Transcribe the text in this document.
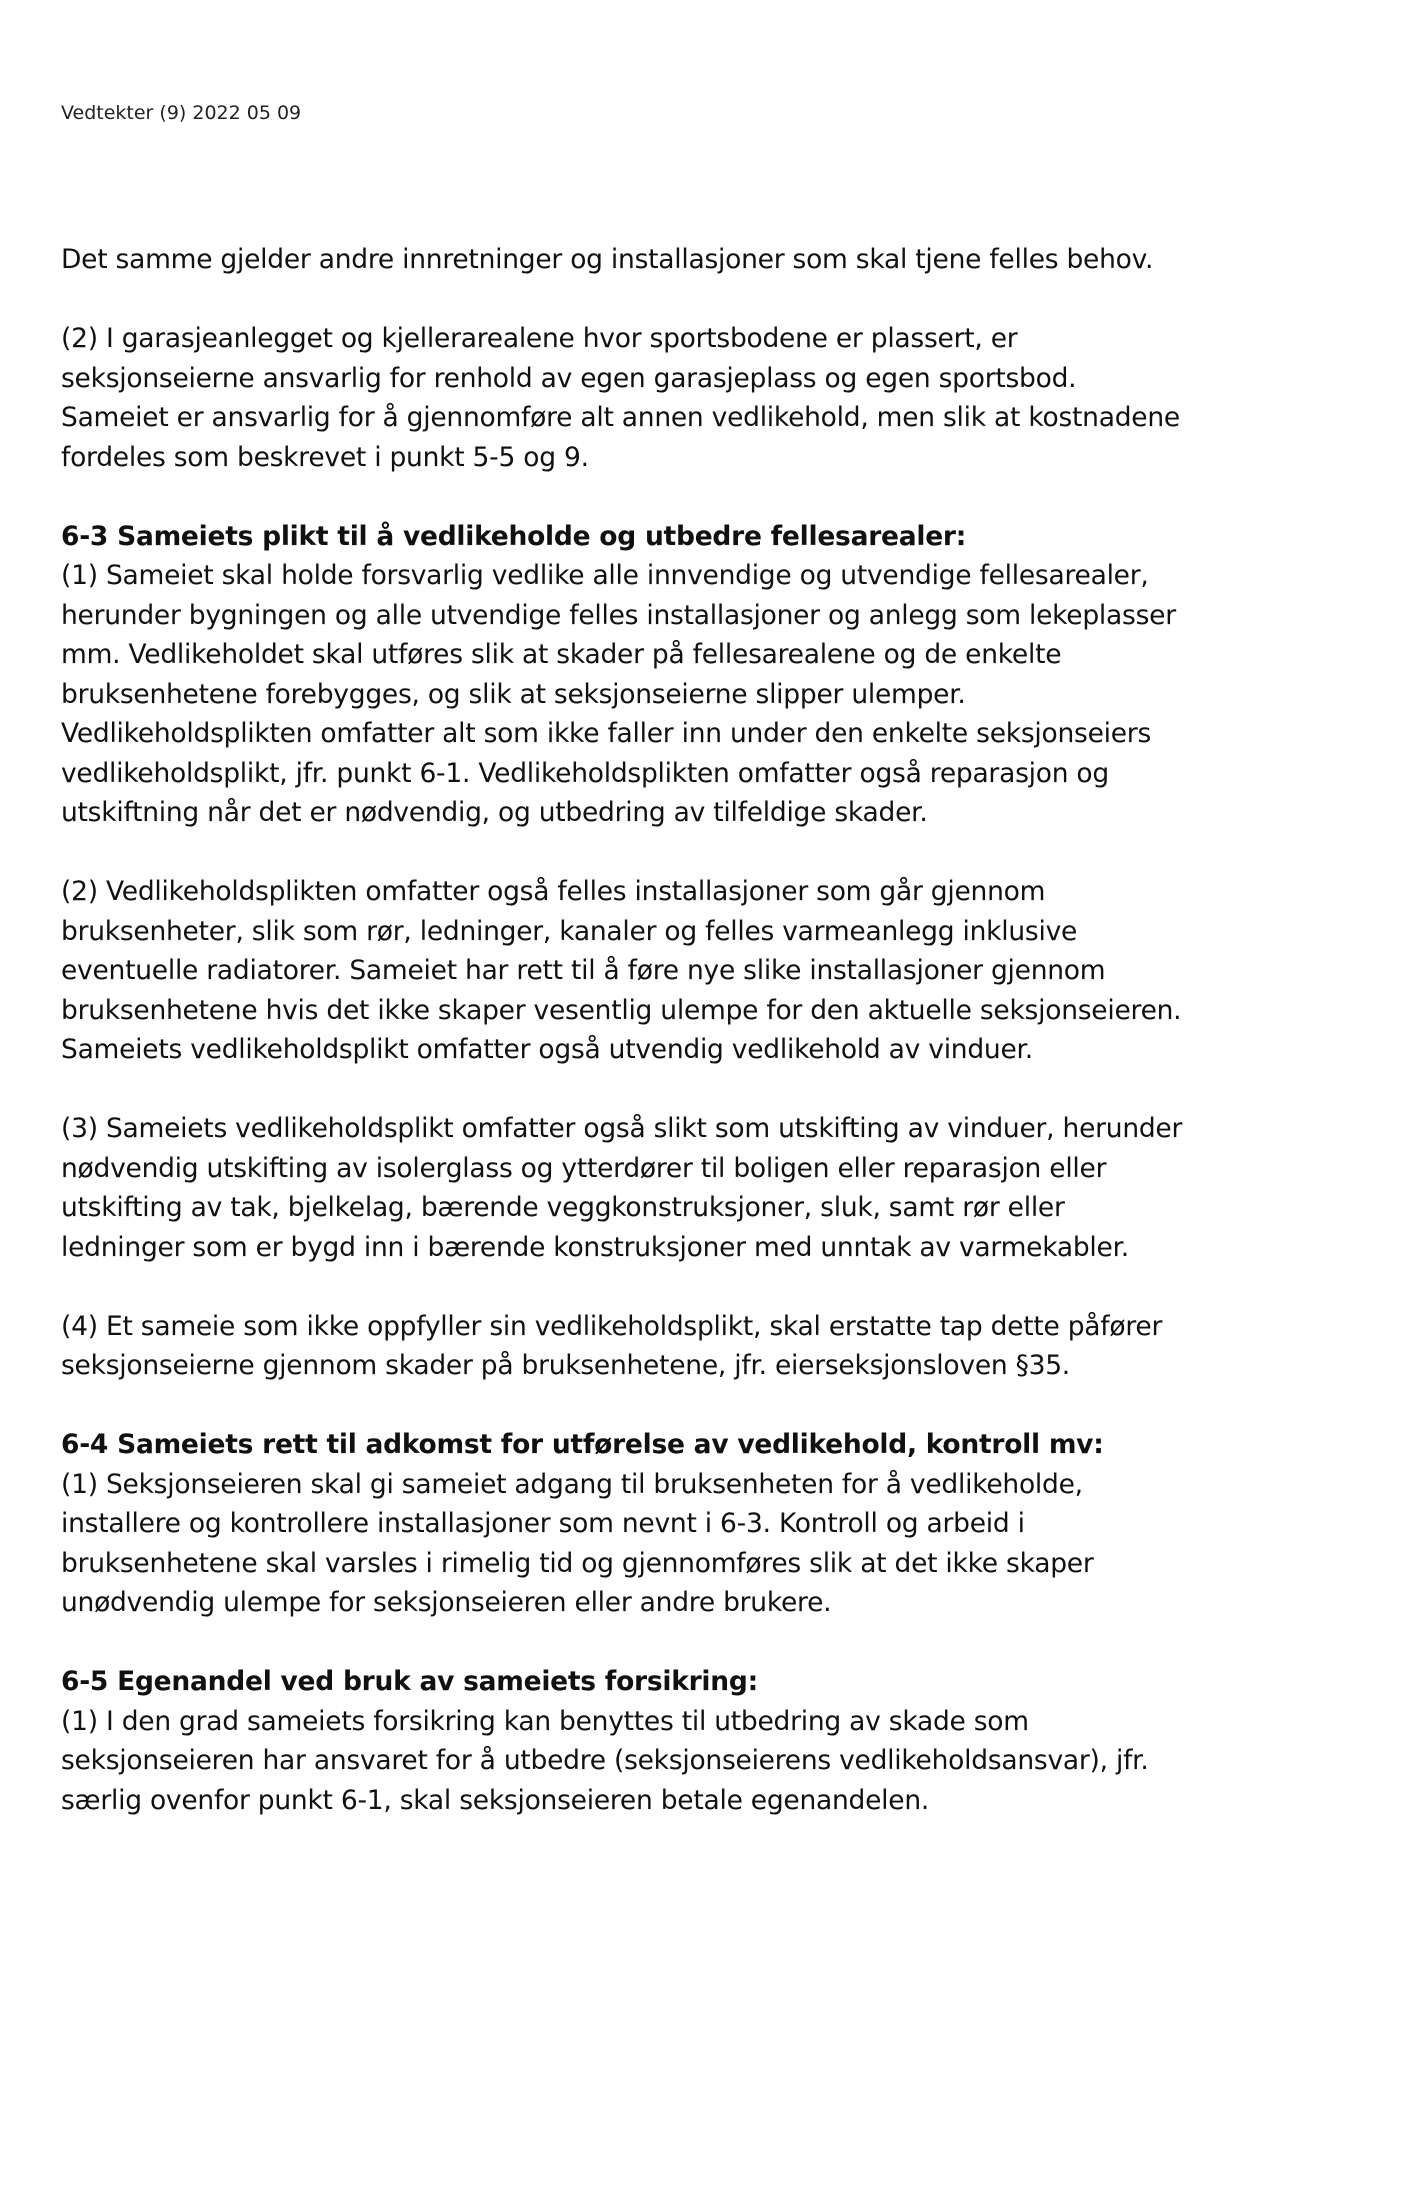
Vedtekter (9) 2022 05 09
Det samme gjelder andre innretninger og installasjoner som skal tjene felles behov.
(2) I garasjeanlegget og kjellerarealene hvor sportsbodene er plassert, er
seksjonseierne ansvarlig for renhold av egen garasjeplass og egen sportsbod.
Sameiet er ansvarlig for å gjennomføre alt annen vedlikehold, men slik at kostnadene
fordeles som beskrevet i punkt 5-5 og 9.
6-3 Sameiets plikt til å vedlikeholde og utbedre fellesarealer:
(1) Sameiet skal holde forsvarlig vedlike alle innvendige og utvendige fellesarealer,
herunder bygningen og alle utvendige felles installasjoner og anlegg som lekeplasser
mm. Vedlikeholdet skal utføres slik at skader på fellesarealene og de enkelte
bruksenhetene forebygges, og slik at seksjonseierne slipper ulemper.
Vedlikeholdsplikten omfatter alt som ikke faller inn under den enkelte seksjonseiers
vedlikeholdsplikt, jfr. punkt 6-1. Vedlikeholdsplikten omfatter også reparasjon og
utskiftning når det er nødvendig, og utbedring av tilfeldige skader.
(2) Vedlikeholdsplikten omfatter også felles installasjoner som går gjennom
bruksenheter, slik som rør, ledninger, kanaler og felles varmeanlegg inklusive
eventuelle radiatorer. Sameiet har rett til å føre nye slike installasjoner gjennom
bruksenhetene hvis det ikke skaper vesentlig ulempe for den aktuelle seksjonseieren.
Sameiets vedlikeholdsplikt omfatter også utvendig vedlikehold av vinduer.
(3) Sameiets vedlikeholdsplikt omfatter også slikt som utskifting av vinduer, herunder
nødvendig utskifting av isolerglass og ytterdører til boligen eller reparasjon eller
utskifting av tak, bjelkelag, bærende veggkonstruksjoner, sluk, samt rør eller
ledninger som er bygd inn i bærende konstruksjoner med unntak av varmekabler.
(4) Et sameie som ikke oppfyller sin vedlikeholdsplikt, skal erstatte tap dette påfører
seksjonseierne gjennom skader på bruksenhetene, jfr. eierseksjonsloven §35.
6-4 Sameiets rett til adkomst for utførelse av vedlikehold, kontroll mv:
(1) Seksjonseieren skal gi sameiet adgang til bruksenheten for å vedlikeholde,
installere og kontrollere installasjoner som nevnt i 6-3. Kontroll og arbeid i
bruksenhetene skal varsles i rimelig tid og gjennomføres slik at det ikke skaper
unødvendig ulempe for seksjonseieren eller andre brukere.
6-5 Egenandel ved bruk av sameiets forsikring:
(1) I den grad sameiets forsikring kan benyttes til utbedring av skade som
seksjonseieren har ansvaret for å utbedre (seksjonseierens vedlikeholdsansvar), jfr.
særlig ovenfor punkt 6-1, skal seksjonseieren betale egenandelen.
